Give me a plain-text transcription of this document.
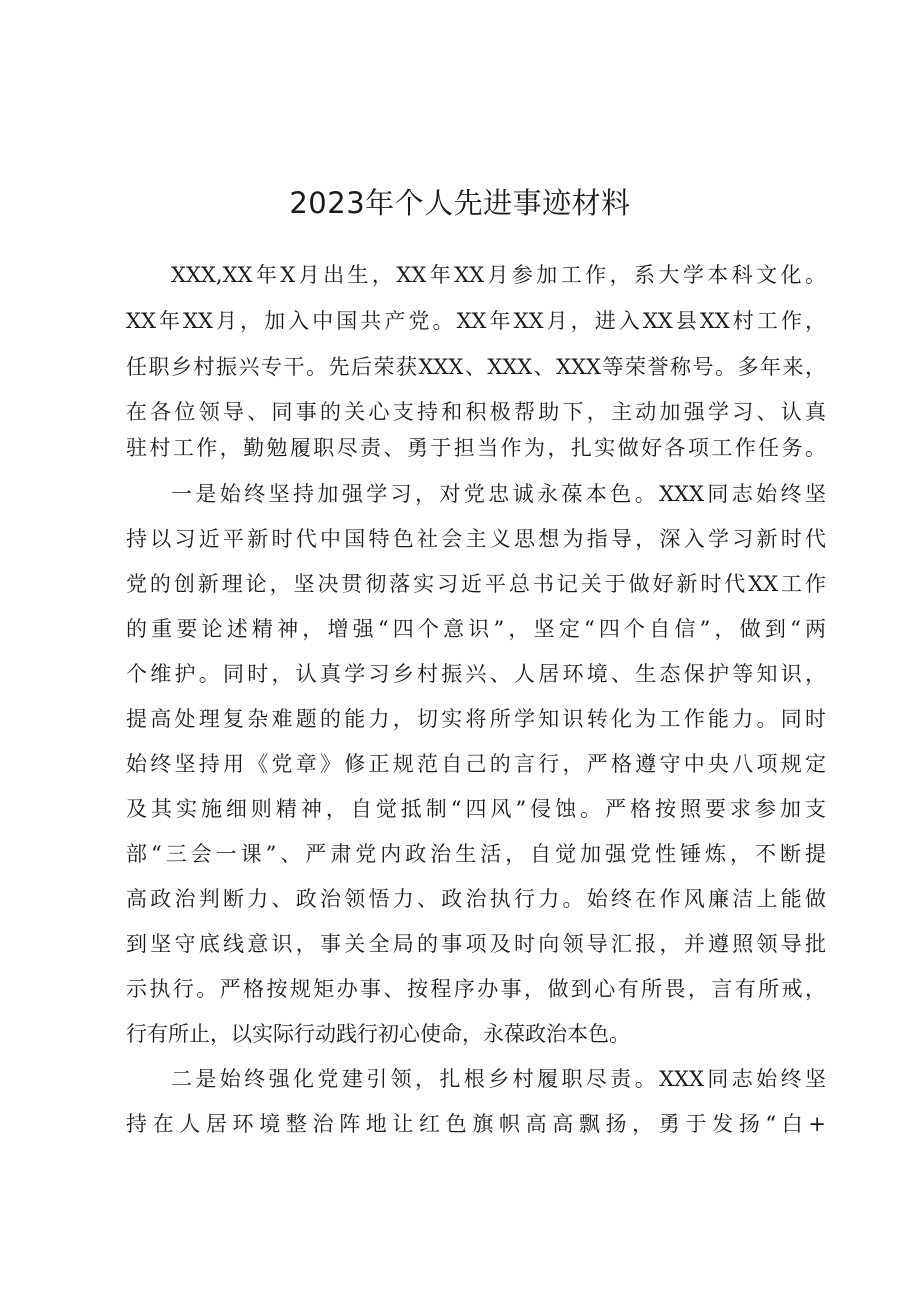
2023年个人先进事迹材料
XXX,XX年X月出生，XX年XX月参加工作，系大学本科文化。
XX年XX月，加入中国共产党。XX年XX月，进入XX县XX村工作，
任职乡村振兴专干。先后荣获XXX、XXX、XXX等荣誉称号。多年来，
在各位领导、同事的关心支持和积极帮助下，主动加强学习、认真
驻村工作，勤勉履职尽责、勇于担当作为，扎实做好各项工作任务。
一是始终坚持加强学习，对党忠诚永葆本色。XXX同志始终坚
持以习近平新时代中国特色社会主义思想为指导，深入学习新时代
党的创新理论，坚决贯彻落实习近平总书记关于做好新时代XX工作
的重要论述精神，增强“四个意识”，坚定“四个自信”，做到“两
个维护。同时，认真学习乡村振兴、人居环境、生态保护等知识，
提高处理复杂难题的能力，切实将所学知识转化为工作能力。同时
始终坚持用《党章》修正规范自己的言行，严格遵守中央八项规定
及其实施细则精神，自觉抵制“四风”侵蚀。严格按照要求参加支
部“三会一课”、严肃党内政治生活，自觉加强党性锤炼，不断提
高政治判断力、政治领悟力、政治执行力。始终在作风廉洁上能做
到坚守底线意识，事关全局的事项及时向领导汇报，并遵照领导批
示执行。严格按规矩办事、按程序办事，做到心有所畏，言有所戒，
行有所止，以实际行动践行初心使命，永葆政治本色。
二是始终强化党建引领，扎根乡村履职尽责。XXX同志始终坚
持在人居环境整治阵地让红色旗帜高高飘扬，勇于发扬“白+
